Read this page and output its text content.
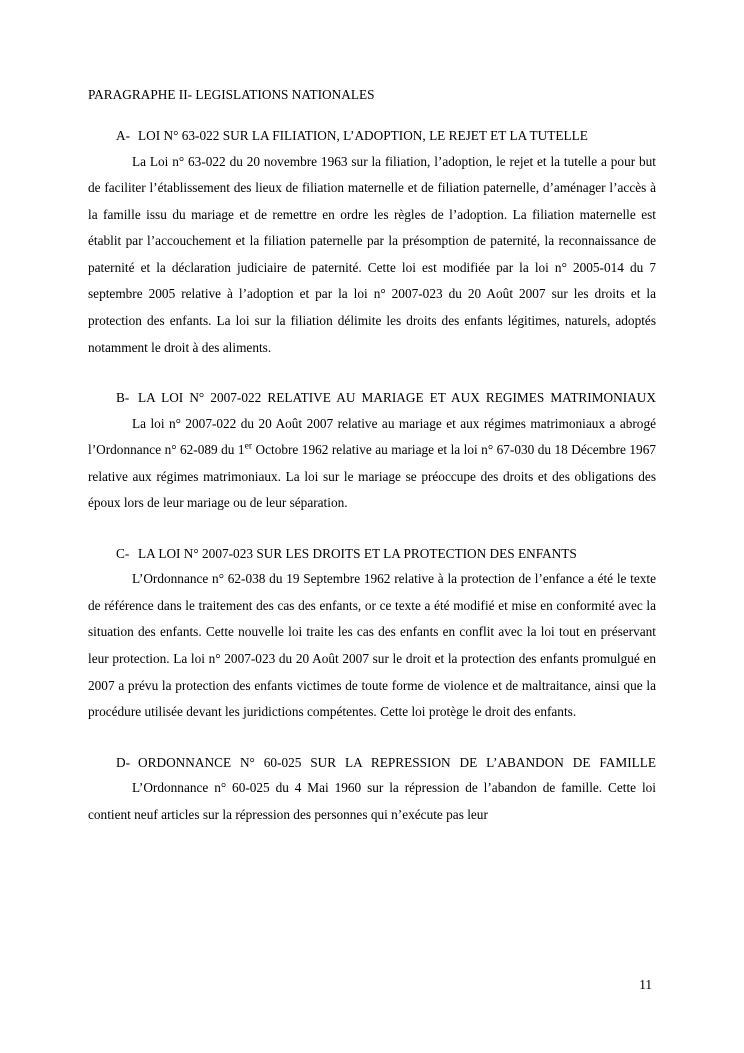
PARAGRAPHE II- LEGISLATIONS NATIONALES
A- LOI N° 63-022 SUR LA FILIATION, L’ADOPTION, LE REJET ET LA TUTELLE

La Loi n° 63-022 du 20 novembre 1963 sur la filiation, l’adoption, le rejet et la tutelle a pour but de faciliter l’établissement des lieux de filiation maternelle et de filiation paternelle, d’aménager l’accès à la famille issu du mariage et de remettre en ordre les règles de l’adoption. La filiation maternelle est établit par l’accouchement et la filiation paternelle par la présomption de paternité, la reconnaissance de paternité et la déclaration judiciaire de paternité. Cette loi est modifiée par la loi n° 2005-014 du 7 septembre 2005 relative à l’adoption et par la loi n° 2007-023 du 20 Août 2007 sur les droits et la protection des enfants. La loi sur la filiation délimite les droits des enfants légitimes, naturels, adoptés notamment le droit à des aliments.

B- LA LOI N° 2007-022 RELATIVE AU MARIAGE ET AUX REGIMES MATRIMONIAUX

La loi n° 2007-022 du 20 Août 2007 relative au mariage et aux régimes matrimoniaux a abrogé l’Ordonnance n° 62-089 du 1er Octobre 1962 relative au mariage et la loi n° 67-030 du 18 Décembre 1967 relative aux régimes matrimoniaux. La loi sur le mariage se préoccupe des droits et des obligations des époux lors de leur mariage ou de leur séparation.

C- LA LOI N° 2007-023 SUR LES DROITS ET LA PROTECTION DES ENFANTS

L’Ordonnance n° 62-038 du 19 Septembre 1962 relative à la protection de l’enfance a été le texte de référence dans le traitement des cas des enfants, or ce texte a été modifié et mise en conformité avec la situation des enfants. Cette nouvelle loi traite les cas des enfants en conflit avec la loi tout en préservant leur protection. La loi n° 2007-023 du 20 Août 2007 sur le droit et la protection des enfants promulgué en 2007 a prévu la protection des enfants victimes de toute forme de violence et de maltraitance, ainsi que la procédure utilisée devant les juridictions compétentes. Cette loi protège le droit des enfants.

D- ORDONNANCE N° 60-025 SUR LA REPRESSION DE L’ABANDON DE FAMILLE

L’Ordonnance n° 60-025 du 4 Mai 1960 sur la répression de l’abandon de famille. Cette loi contient neuf articles sur la répression des personnes qui n’exécute pas leur

11
